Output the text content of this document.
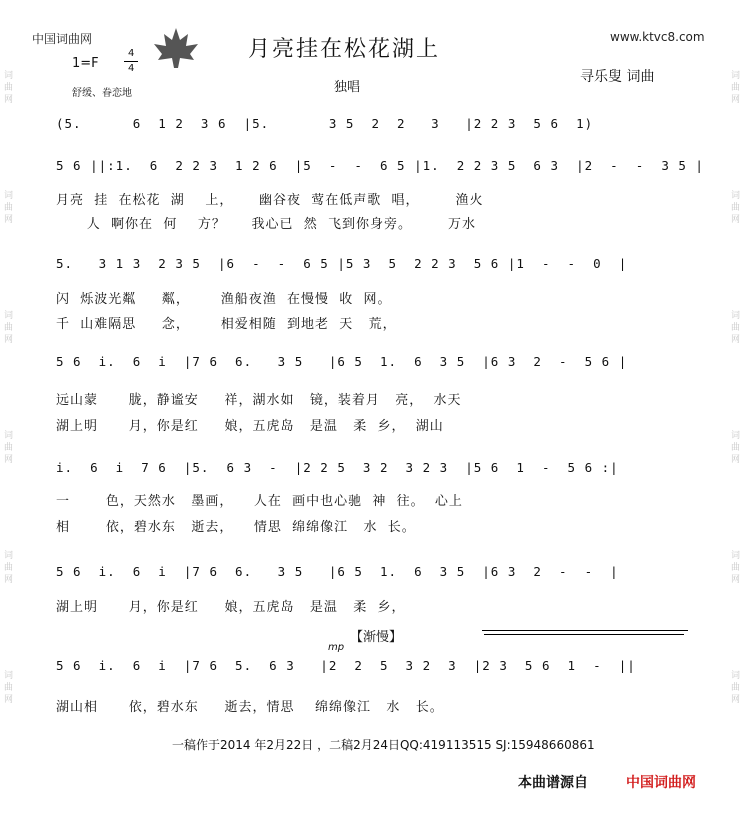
词曲网
词曲网
词曲网
词曲网
词曲网
词曲网
词曲网
词曲网
词曲网
词曲网
词曲网
词曲网
中国词曲网	www.ktvc8.com
月亮挂在松花湖上
1=F
4
4
舒缓、眷恋地	独唱
寻乐叟 词曲
(5.      6  1 2  3 6  |5.       3 5  2  2   3   |2 2 3  5 6  1)
5 6 ||:1.  6  2 2 3  1 2 6  |5  -  -  6 5 |1.  2 2 3 5  6 3  |2  -  -  3 5 |
月亮  挂  在松花  湖    上，     幽谷夜  莺在低声歌  唱，       渔火
人  啊你在  何    方？     我心已  然  飞到你身旁。       万水
5.   3 1 3  2 3 5  |6  -  -  6 5 |5 3  5  2 2 3  5 6 |1  -  -  0  |
闪  烁波光粼     粼，      渔船夜渔  在慢慢  收  网。
千  山难隔思     念，      相爱相随  到地老  天   荒，
5 6  i.  6  i  |7 6  6.   3 5   |6 5  1.  6  3 5  |6 3  2  -  5 6 |
远山蒙      胧，静谧安     祥，湖水如   镜，装着月   亮，  水天
湖上明      月，你是红     娘，五虎岛   是温   柔  乡，  湖山
i.  6  i  7 6  |5.  6 3  -  |2 2 5  3 2  3 2 3  |5 6  1  -  5 6 :|
一       色，天然水   墨画，    人在  画中也心驰  神  往。  心上
相       依，碧水东   逝去，    情思  绵绵像江   水  长。
5 6  i.  6  i  |7 6  6.   3 5   |6 5  1.  6  3 5  |6 3  2  -  -  |
湖上明      月，你是红     娘，五虎岛   是温   柔  乡，
【渐慢】
mp
5 6  i.  6  i  |7 6  5.  6 3   |2  2  5  3 2  3  |2 3  5 6  1  -  ||
湖山相      依，碧水东     逝去，情思    绵绵像江   水   长。
一稿作于2014 年2月22日 ，二稿2月24日QQ:419113515 SJ:15948660861
本曲谱源自	中国词曲网
